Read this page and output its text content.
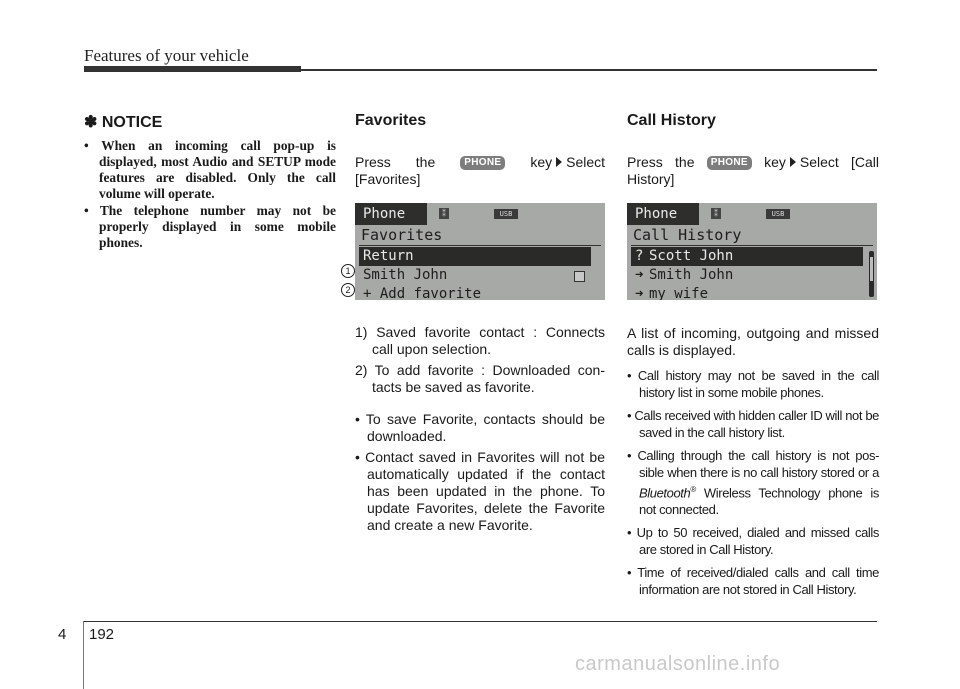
Features of your vehicle
✽ NOTICE
• When an incoming call pop-up is displayed, most Audio and SETUP mode features are disabled. Only the call volume will operate.
• The telephone number may not be properly displayed in some mobile phones.
Favorites
Press the	PHONE key Select [Favorites]
Phone	⁑	USB
Favorites
Return
Smith John
+ Add favorite
1
2
1) Saved favorite contact : Connects call upon selection.
2) To add favorite : Downloaded con- tacts be saved as favorite.
• To save Favorite, contacts should be downloaded.
• Contact saved in Favorites will not be automatically updated if the contact has been updated in the phone. To update Favorites, delete the Favorite and create a new Favorite.
Call History
Press the PHONE key Select [Call History]
Phone	⁑	USB
Call History
? Scott John
➜ Smith John
➜ my wife
A list of incoming, outgoing and missed calls is displayed.
• Call history may not be saved in the call history list in some mobile phones.
• Calls received with hidden caller ID will not be saved in the call history list.
• Calling through the call history is not pos- sible when there is no call history stored or a Bluetooth® Wireless Technology phone is not connected.
• Up to 50 received, dialed and missed calls are stored in Call History.
• Time of received/dialed calls and call time information are not stored in Call History.
4 192
carmanualsonline.info
